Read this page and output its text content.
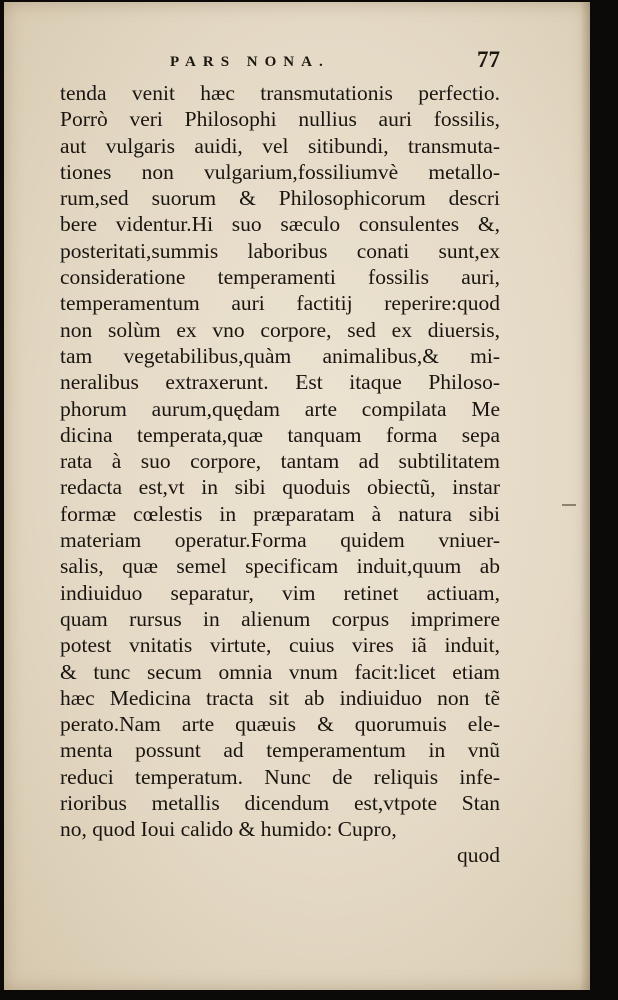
PARS NONA.	77
tenda venit hæc transmutationis perfectio.
Porrò veri Philosophi nullius auri fossilis,
aut vulgaris auidi, vel sitibundi, transmuta-
tiones non vulgarium,fossiliumvè metallo-
rum,sed suorum & Philosophicorum descri
bere videntur.Hi suo sæculo consulentes &,
posteritati,summis laboribus conati sunt,ex
consideratione temperamenti fossilis auri,
temperamentum auri factitij reperire:quod
non solùm ex vno corpore, sed ex diuersis,
tam vegetabilibus,quàm animalibus,& mi-
neralibus extraxerunt. Est itaque Philoso-
phorum aurum,quędam arte compilata Me
dicina temperata,quæ tanquam forma sepa
rata à suo corpore, tantam ad subtilitatem
redacta est,vt in sibi quoduis obiectũ, instar
formæ cœlestis in præparatam à natura sibi
materiam operatur.Forma quidem vniuer-
salis, quæ semel specificam induit,quum ab
indiuiduo separatur, vim retinet actiuam,
quam rursus in alienum corpus imprimere
potest vnitatis virtute, cuius vires iã induit,
& tunc secum omnia vnum facit:licet etiam
hæc Medicina tracta sit ab indiuiduo non tẽ
perato.Nam arte quæuis & quorumuis ele-
menta possunt ad temperamentum in vnũ
reduci temperatum. Nunc de reliquis infe-
rioribus metallis dicendum est,vtpote Stan
no, quod Ioui calido & humido: Cupro,
quod
